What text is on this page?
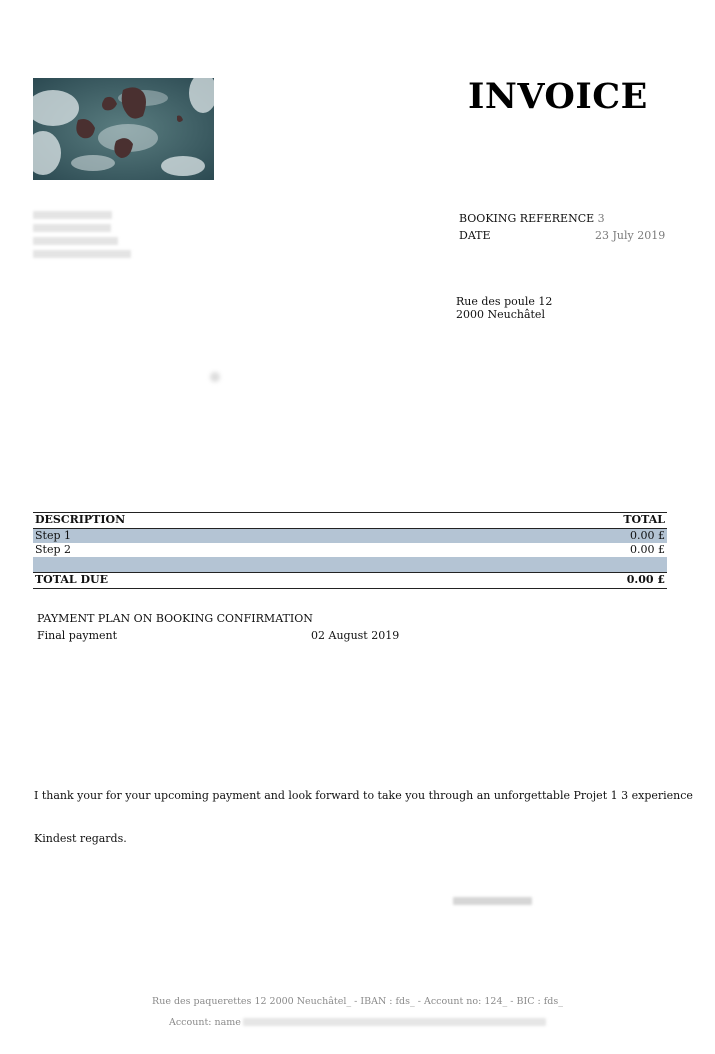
INVOICE
BOOKING REFERENCE 3
DATE	23 July 2019
Rue des poule 12
2000 Neuchâtel
DESCRIPTION	TOTAL
Step 1	0.00 £
Step 2	0.00 £
TOTAL DUE	0.00 £
PAYMENT PLAN ON BOOKING CONFIRMATION
Final payment	02 August 2019
I thank your for your upcoming payment and look forward to take you through an unforgettable Projet 1 3 experience
Kindest regards.
Rue des paquerettes 12 2000 Neuchâtel_ - IBAN : fds_ - Account no: 124_ - BIC : fds_
Account: name
